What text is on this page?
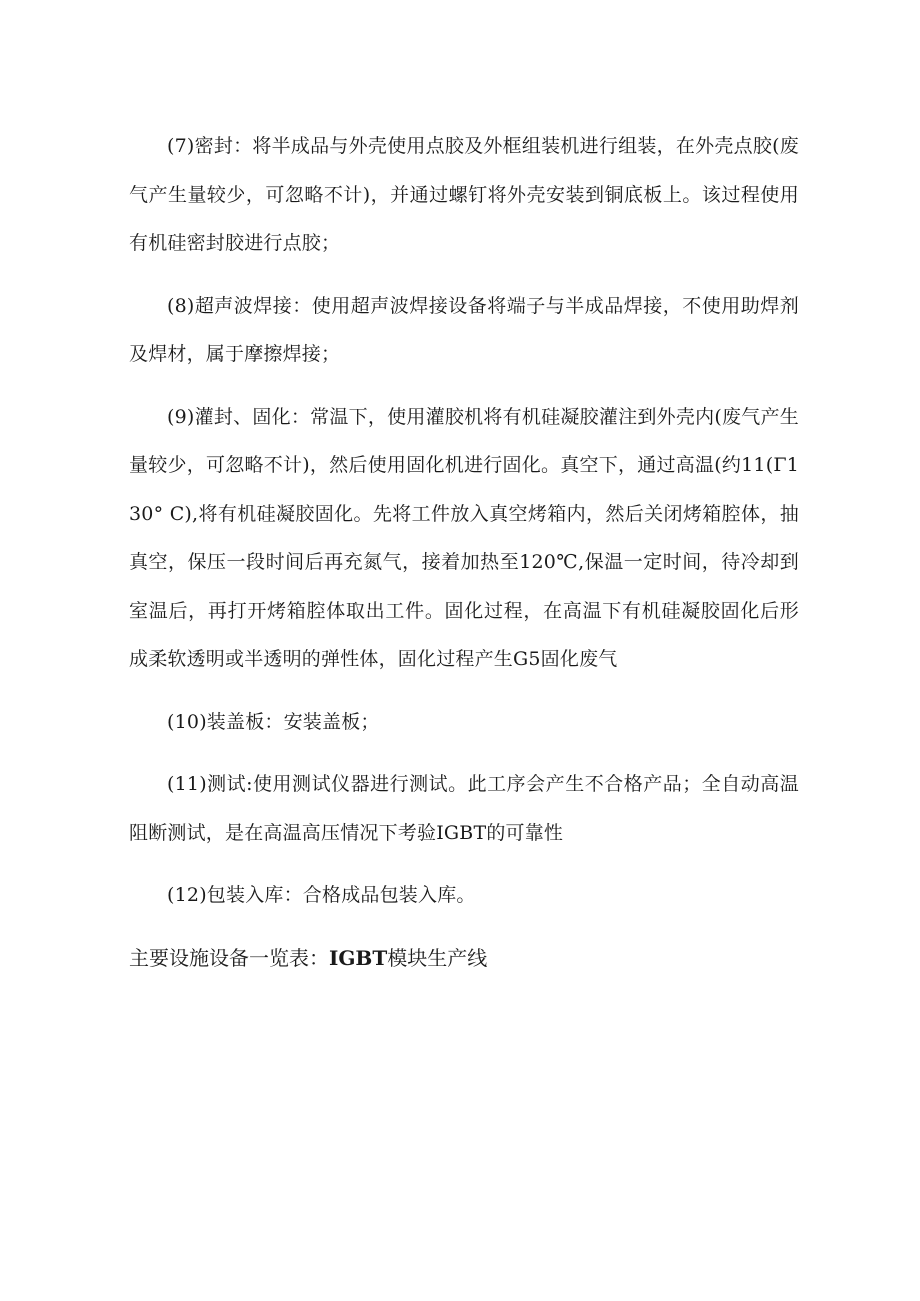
(7)密封：将半成品与外壳使用点胶及外框组装机进行组装，在外壳点胶(废气产生量较少，可忽略不计)，并通过螺钉将外壳安装到铜底板上。该过程使用有机硅密封胶进行点胶；

(8)超声波焊接：使用超声波焊接设备将端子与半成品焊接，不使用助焊剂及焊材，属于摩擦焊接；

(9)灌封、固化：常温下，使用灌胶机将有机硅凝胶灌注到外壳内(废气产生量较少，可忽略不计)，然后使用固化机进行固化。真空下，通过高温(约11(Γ130° C),将有机硅凝胶固化。先将工件放入真空烤箱内，然后关闭烤箱腔体，抽真空，保压一段时间后再充氮气，接着加热至120℃,保温一定时间，待冷却到室温后，再打开烤箱腔体取出工件。固化过程，在高温下有机硅凝胶固化后形成柔软透明或半透明的弹性体，固化过程产生G5固化废气

(10)装盖板：安装盖板；

(11)测试:使用测试仪器进行测试。此工序会产生不合格产品；全自动高温阻断测试，是在高温高压情况下考验IGBT的可靠性

(12)包装入库：合格成品包装入库。

主要设施设备一览表：IGBT模块生产线
